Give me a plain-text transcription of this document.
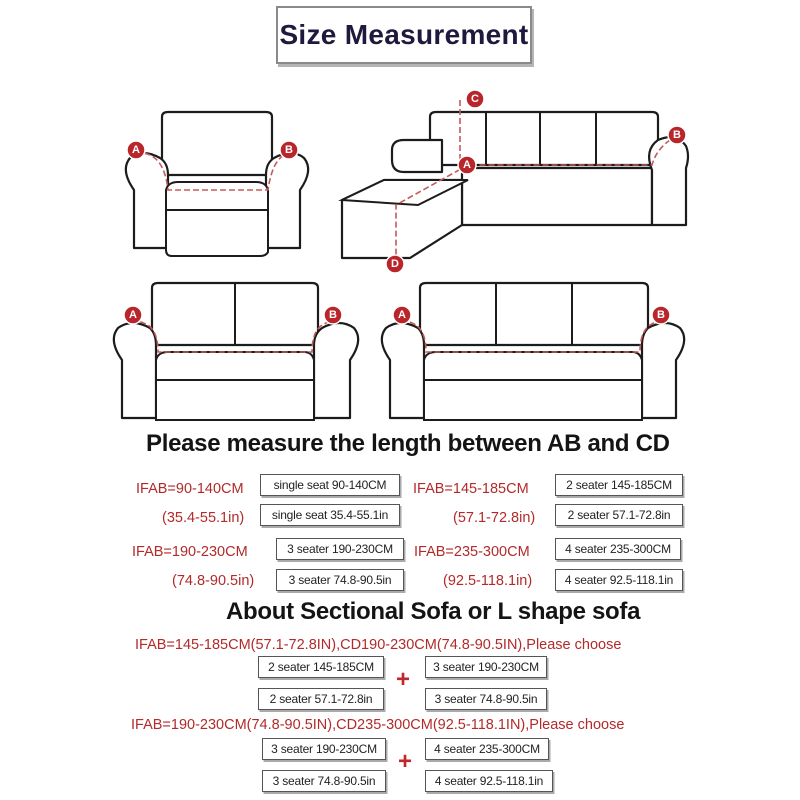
Size Measurement
A	B
C
A
B
D
A	B	A	B
Please measure the length between AB and CD
IFAB=90-140CM	single seat 90-140CM
(35.4-55.1in)	single seat 35.4-55.1in
IFAB=145-185CM	2 seater 145-185CM
(57.1-72.8in)	2 seater 57.1-72.8in
IFAB=190-230CM	3 seater 190-230CM
(74.8-90.5in)	3 seater 74.8-90.5in
IFAB=235-300CM	4 seater 235-300CM
(92.5-118.1in)	4 seater 92.5-118.1in
About Sectional Sofa or L shape sofa
IFAB=145-185CM(57.1-72.8IN),CD190-230CM(74.8-90.5IN),Please choose
2 seater 145-185CM
2 seater 57.1-72.8in
+	3 seater 190-230CM
3 seater 74.8-90.5in
IFAB=190-230CM(74.8-90.5IN),CD235-300CM(92.5-118.1IN),Please choose
3 seater 190-230CM
3 seater 74.8-90.5in
+	4 seater 235-300CM
4 seater 92.5-118.1in
